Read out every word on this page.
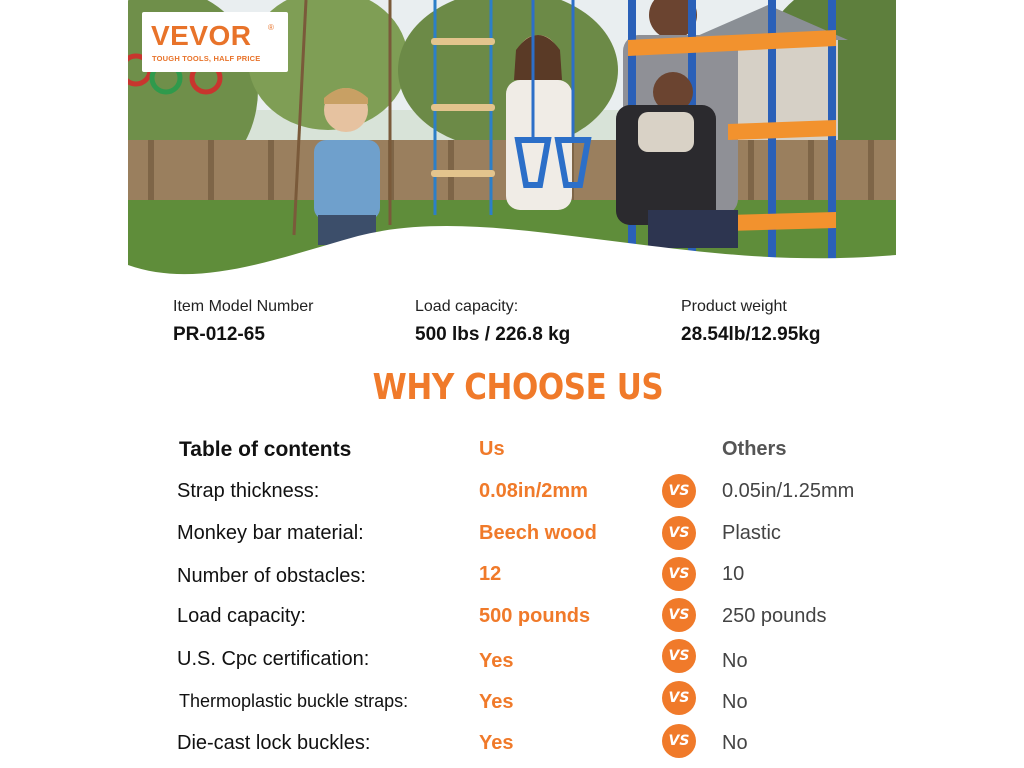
VEVOR ®
TOUGH TOOLS, HALF PRICE
Item Model Number
PR-012-65
Load capacity:
500 lbs / 226.8 kg
Product weight
28.54lb/12.95kg
WHY CHOOSE US
Table of contents	Us	Others
Strap thickness:	0.08in/2mm	VS	0.05in/1.25mm
Monkey bar material:	Beech wood	VS	Plastic
Number of obstacles:	12	VS	10
Load capacity:	500 pounds	VS	250 pounds
U.S. Cpc certification:	Yes	VS	No
Thermoplastic buckle straps:	Yes	VS	No
Die-cast lock buckles:	Yes	VS	No
